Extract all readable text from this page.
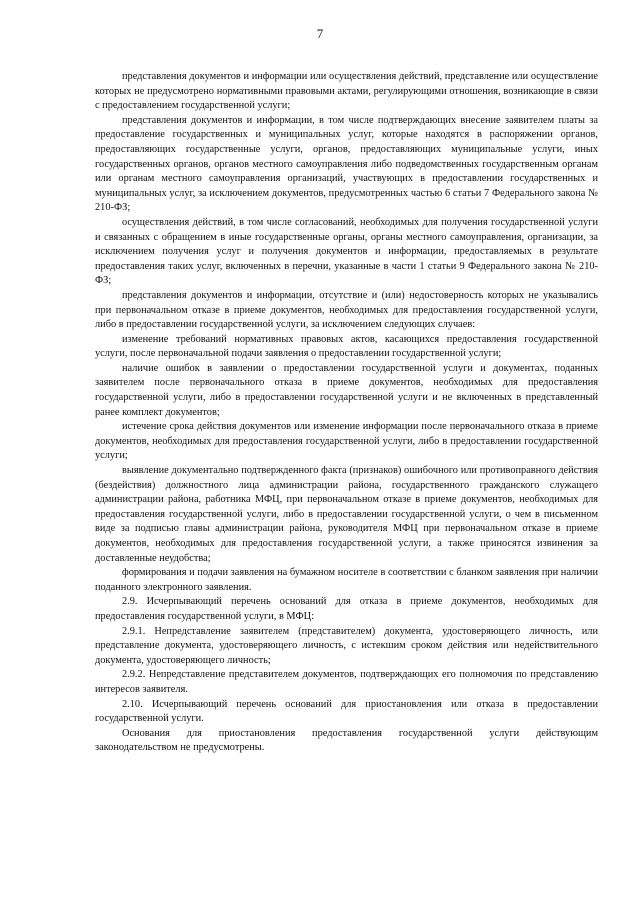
7

представления документов и информации или осуществления действий, представление или осуществление которых не предусмотрено нормативными правовыми актами, регулирующими отношения, возникающие в связи с предоставлением государственной услуги;

представления документов и информации, в том числе подтверждающих внесение заявителем платы за предоставление государственных и муниципальных услуг, которые находятся в распоряжении органов, предоставляющих государственные услуги, органов, предоставляющих муниципальные услуги, иных государственных органов, органов местного самоуправления либо подведомственных государственным органам или органам местного самоуправления организаций, участвующих в предоставлении государственных и муниципальных услуг, за исключением документов, предусмотренных частью 6 статьи 7 Федерального закона № 210-ФЗ;

осуществления действий, в том числе согласований, необходимых для получения государственной услуги и связанных с обращением в иные государственные органы, органы местного самоуправления, организации, за исключением получения услуг и получения документов и информации, предоставляемых в результате предоставления таких услуг, включенных в перечни, указанные в части 1 статьи 9 Федерального закона № 210-ФЗ;

представления документов и информации, отсутствие и (или) недостоверность которых не указывались при первоначальном отказе в приеме документов, необходимых для предоставления государственной услуги, либо в предоставлении государственной услуги, за исключением следующих случаев:

изменение требований нормативных правовых актов, касающихся предоставления государственной услуги, после первоначальной подачи заявления о предоставлении государственной услуги;

наличие ошибок в заявлении о предоставлении государственной услуги и документах, поданных заявителем после первоначального отказа в приеме документов, необходимых для предоставления государственной услуги, либо в предоставлении государственной услуги и не включенных в представленный ранее комплект документов;

истечение срока действия документов или изменение информации после первоначального отказа в приеме документов, необходимых для предоставления государственной услуги, либо в предоставлении государственной услуги;

выявление документально подтвержденного факта (признаков) ошибочного или противоправного действия (бездействия) должностного лица администрации района, государственного гражданского служащего администрации района, работника МФЦ, при первоначальном отказе в приеме документов, необходимых для предоставления государственной услуги, либо в предоставлении государственной услуги, о чем в письменном виде за подписью главы администрации района, руководителя МФЦ при первоначальном отказе в приеме документов, необходимых для предоставления государственной услуги, а также приносятся извинения за доставленные неудобства;

формирования и подачи заявления на бумажном носителе в соответствии с бланком заявления при наличии поданного электронного заявления.

2.9. Исчерпывающий перечень оснований для отказа в приеме документов, необходимых для предоставления государственной услуги, в МФЦ:

2.9.1. Непредставление заявителем (представителем) документа, удостоверяющего личность, или представление документа, удостоверяющего личность, с истекшим сроком действия или недействительного документа, удостоверяющего личность;

2.9.2. Непредставление представителем документов, подтверждающих его полномочия по представлению интересов заявителя.

2.10. Исчерпывающий перечень оснований для приостановления или отказа в предоставлении государственной услуги.

Основания для приостановления предоставления государственной услуги действующим законодательством не предусмотрены.
